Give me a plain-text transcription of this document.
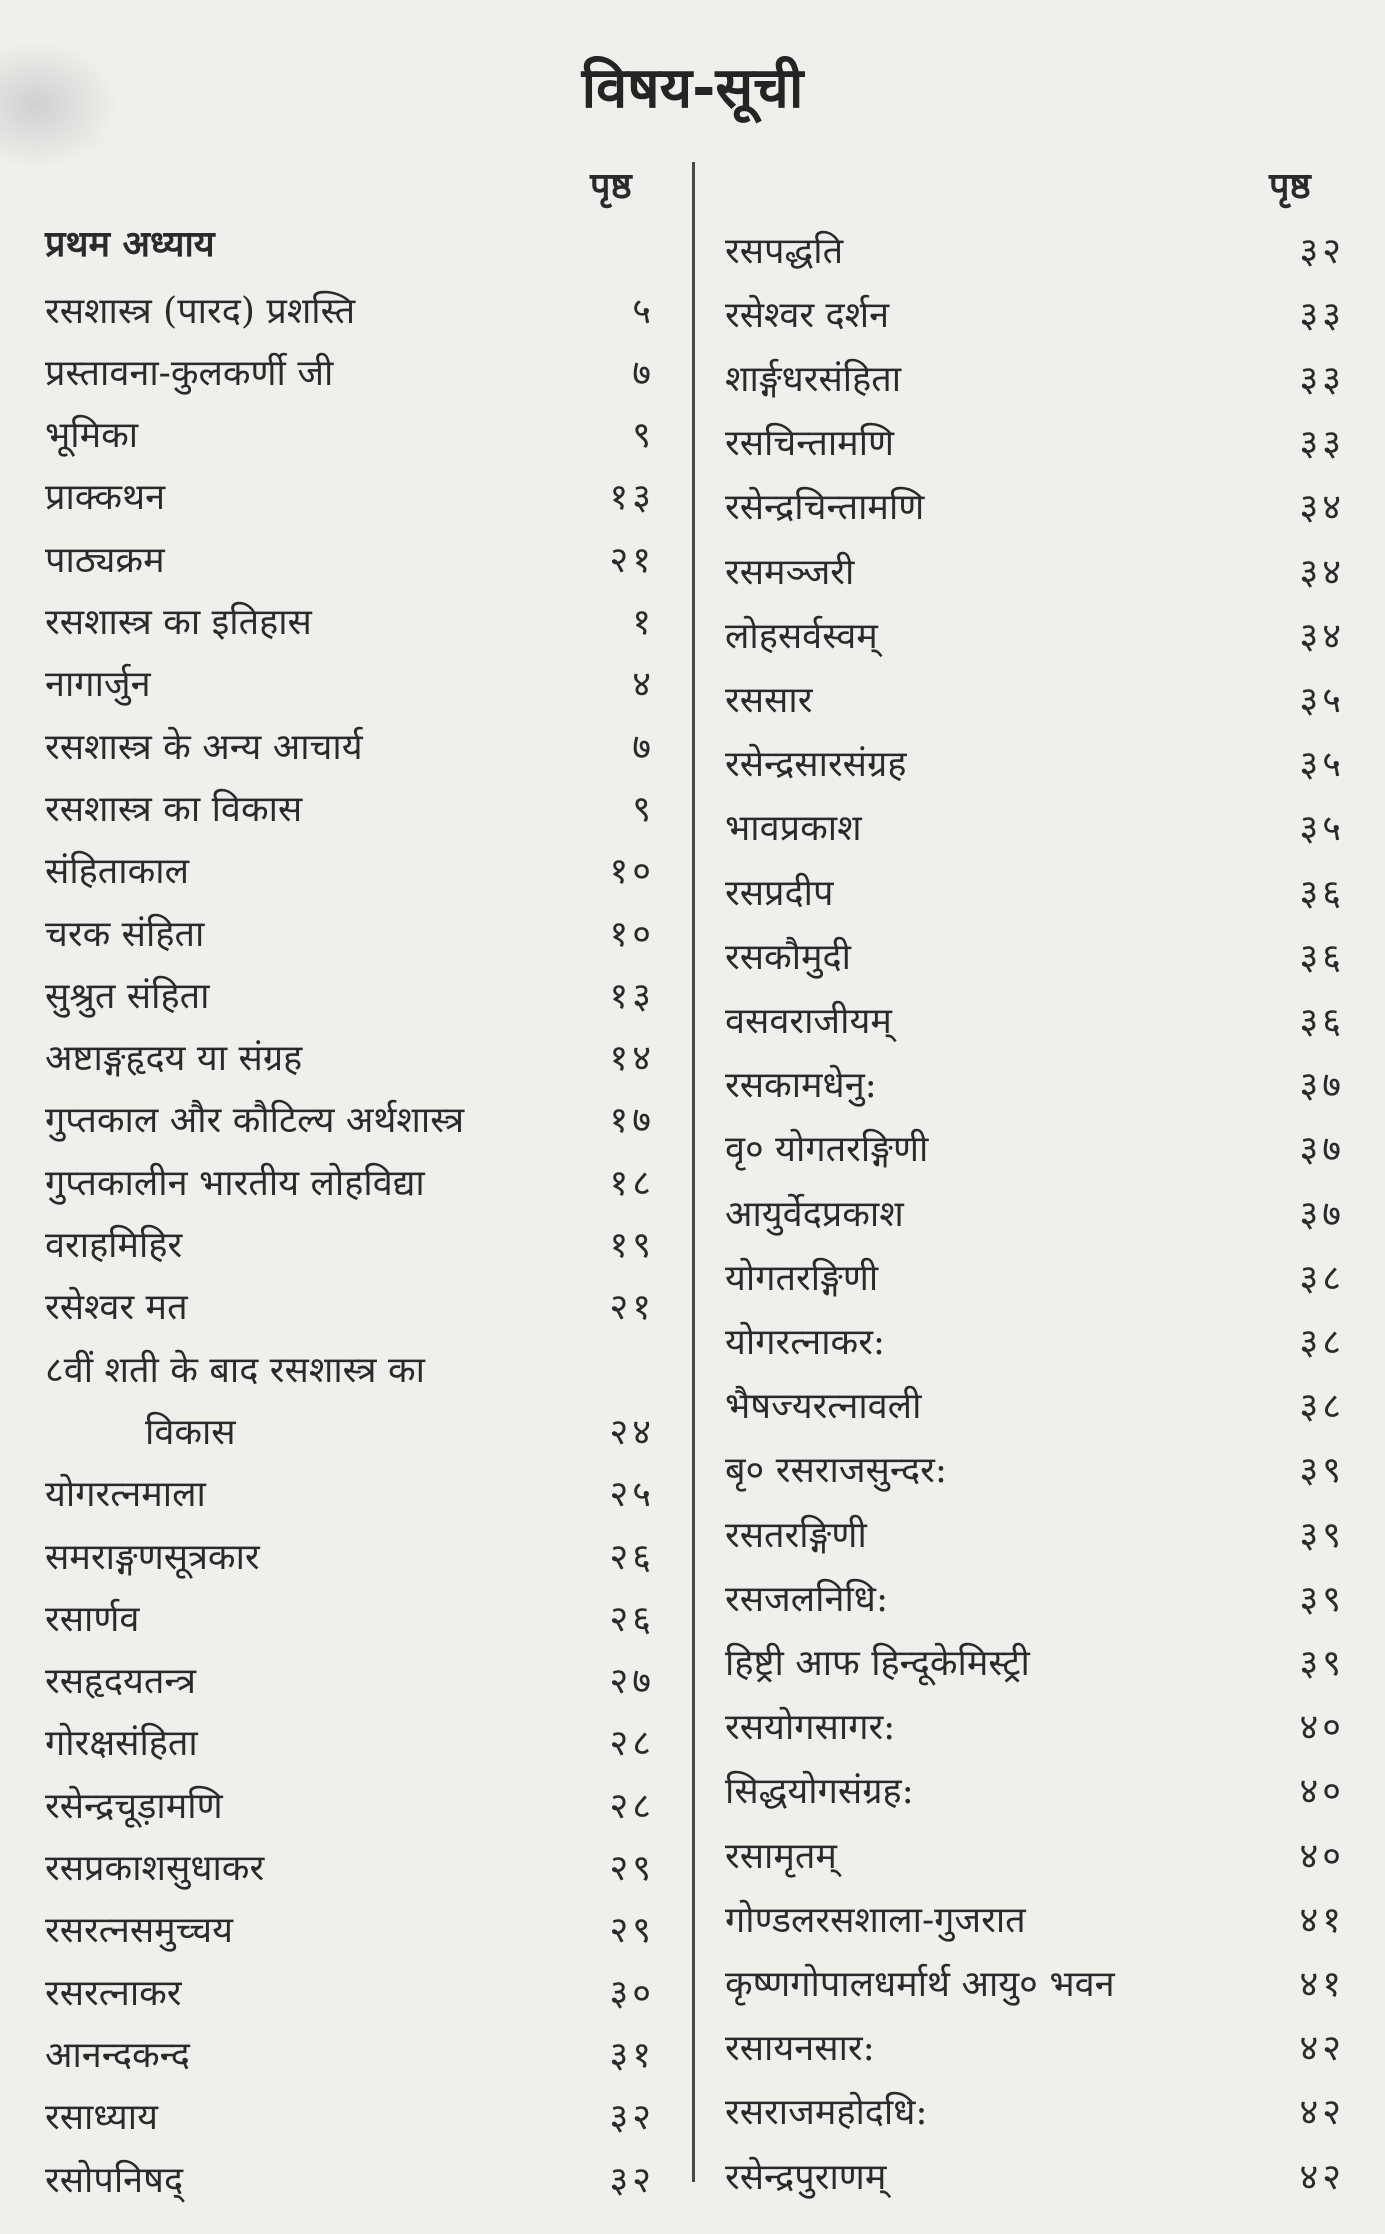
विषय-सूची
पृष्ठ
प्रथम अध्याय
रसशास्त्र (पारद) प्रशस्ति	५
प्रस्तावना-कुलकर्णी जी	७
भूमिका	९
प्राक्कथन	१३
पाठ्यक्रम	२१
रसशास्त्र का इतिहास	१
नागार्जुन	४
रसशास्त्र के अन्य आचार्य	७
रसशास्त्र का विकास	९
संहिताकाल	१०
चरक संहिता	१०
सुश्रुत संहिता	१३
अष्टाङ्गहृदय या संग्रह	१४
गुप्तकाल और कौटिल्य अर्थशास्त्र	१७
गुप्तकालीन भारतीय लोहविद्या	१८
वराहमिहिर	१९
रसेश्वर मत	२१
८वीं शती के बाद रसशास्त्र का
विकास	२४
योगरत्नमाला	२५
समराङ्गणसूत्रकार	२६
रसार्णव	२६
रसहृदयतन्त्र	२७
गोरक्षसंहिता	२८
रसेन्द्रचूड़ामणि	२८
रसप्रकाशसुधाकर	२९
रसरत्नसमुच्चय	२९
रसरत्नाकर	३०
आनन्दकन्द	३१
रसाध्याय	३२
रसोपनिषद्	३२
पृष्ठ
रसपद्धति	३२
रसेश्वर दर्शन	३३
शार्ङ्गधरसंहिता	३३
रसचिन्तामणि	३३
रसेन्द्रचिन्तामणि	३४
रसमञ्जरी	३४
लोहसर्वस्वम्	३४
रससार	३५
रसेन्द्रसारसंग्रह	३५
भावप्रकाश	३५
रसप्रदीप	३६
रसकौमुदी	३६
वसवराजीयम्	३६
रसकामधेनु:	३७
वृ० योगतरङ्गिणी	३७
आयुर्वेदप्रकाश	३७
योगतरङ्गिणी	३८
योगरत्नाकर:	३८
भैषज्यरत्नावली	३८
बृ० रसराजसुन्दर:	३९
रसतरङ्गिणी	३९
रसजलनिधि:	३९
हिष्ट्री आफ हिन्दूकेमिस्ट्री	३९
रसयोगसागर:	४०
सिद्धयोगसंग्रह:	४०
रसामृतम्	४०
गोण्डलरसशाला-गुजरात	४१
कृष्णगोपालधर्मार्थ आयु० भवन	४१
रसायनसार:	४२
रसराजमहोदधि:	४२
रसेन्द्रपुराणम्	४२
